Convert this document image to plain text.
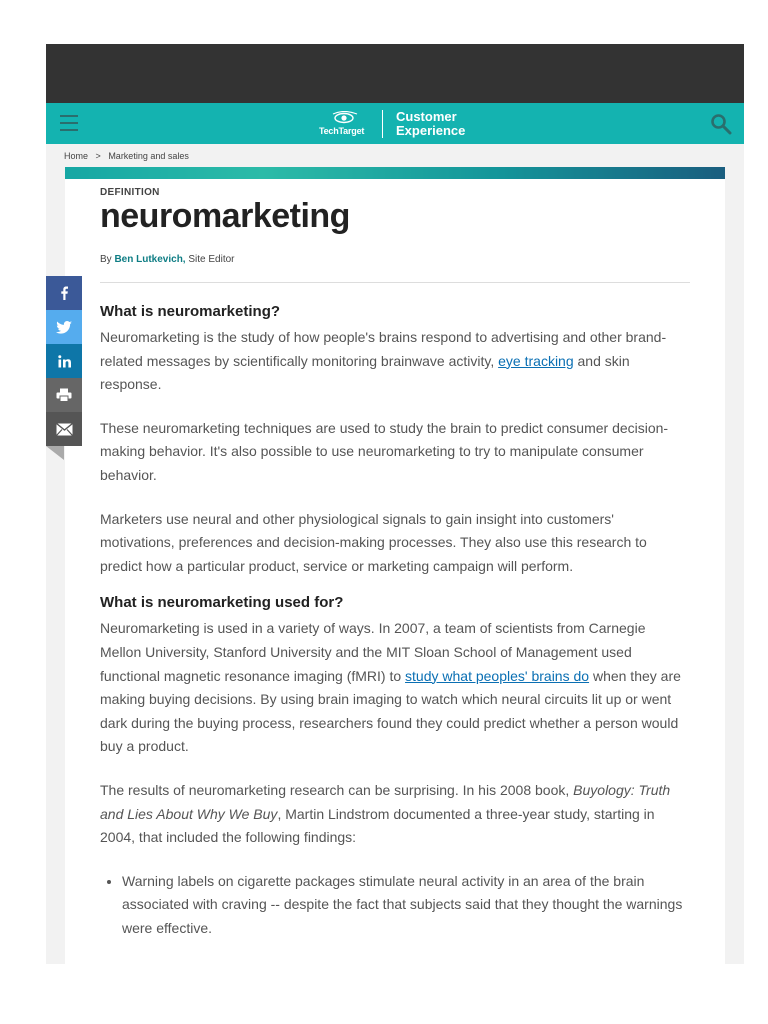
TechTarget
Customer
Experience
Home > Marketing and sales
DEFINITION
neuromarketing
By Ben Lutkevich, Site Editor
What is neuromarketing?

Neuromarketing is the study of how people's brains respond to advertising and other brand-related messages by scientifically monitoring brainwave activity, eye tracking and skin response.

These neuromarketing techniques are used to study the brain to predict consumer decision-making behavior. It's also possible to use neuromarketing to try to manipulate consumer behavior.

Marketers use neural and other physiological signals to gain insight into customers' motivations, preferences and decision-making processes. They also use this research to predict how a particular product, service or marketing campaign will perform.

What is neuromarketing used for?

Neuromarketing is used in a variety of ways. In 2007, a team of scientists from Carnegie Mellon University, Stanford University and the MIT Sloan School of Management used functional magnetic resonance imaging (fMRI) to study what peoples' brains do when they are making buying decisions. By using brain imaging to watch which neural circuits lit up or went dark during the buying process, researchers found they could predict whether a person would buy a product.

The results of neuromarketing research can be surprising. In his 2008 book, Buyology: Truth and Lies About Why We Buy, Martin Lindstrom documented a three-year study, starting in 2004, that included the following findings:

• Warning labels on cigarette packages stimulate neural activity in an area of the brain associated with craving -- despite the fact that subjects said that they thought the warnings were effective.
